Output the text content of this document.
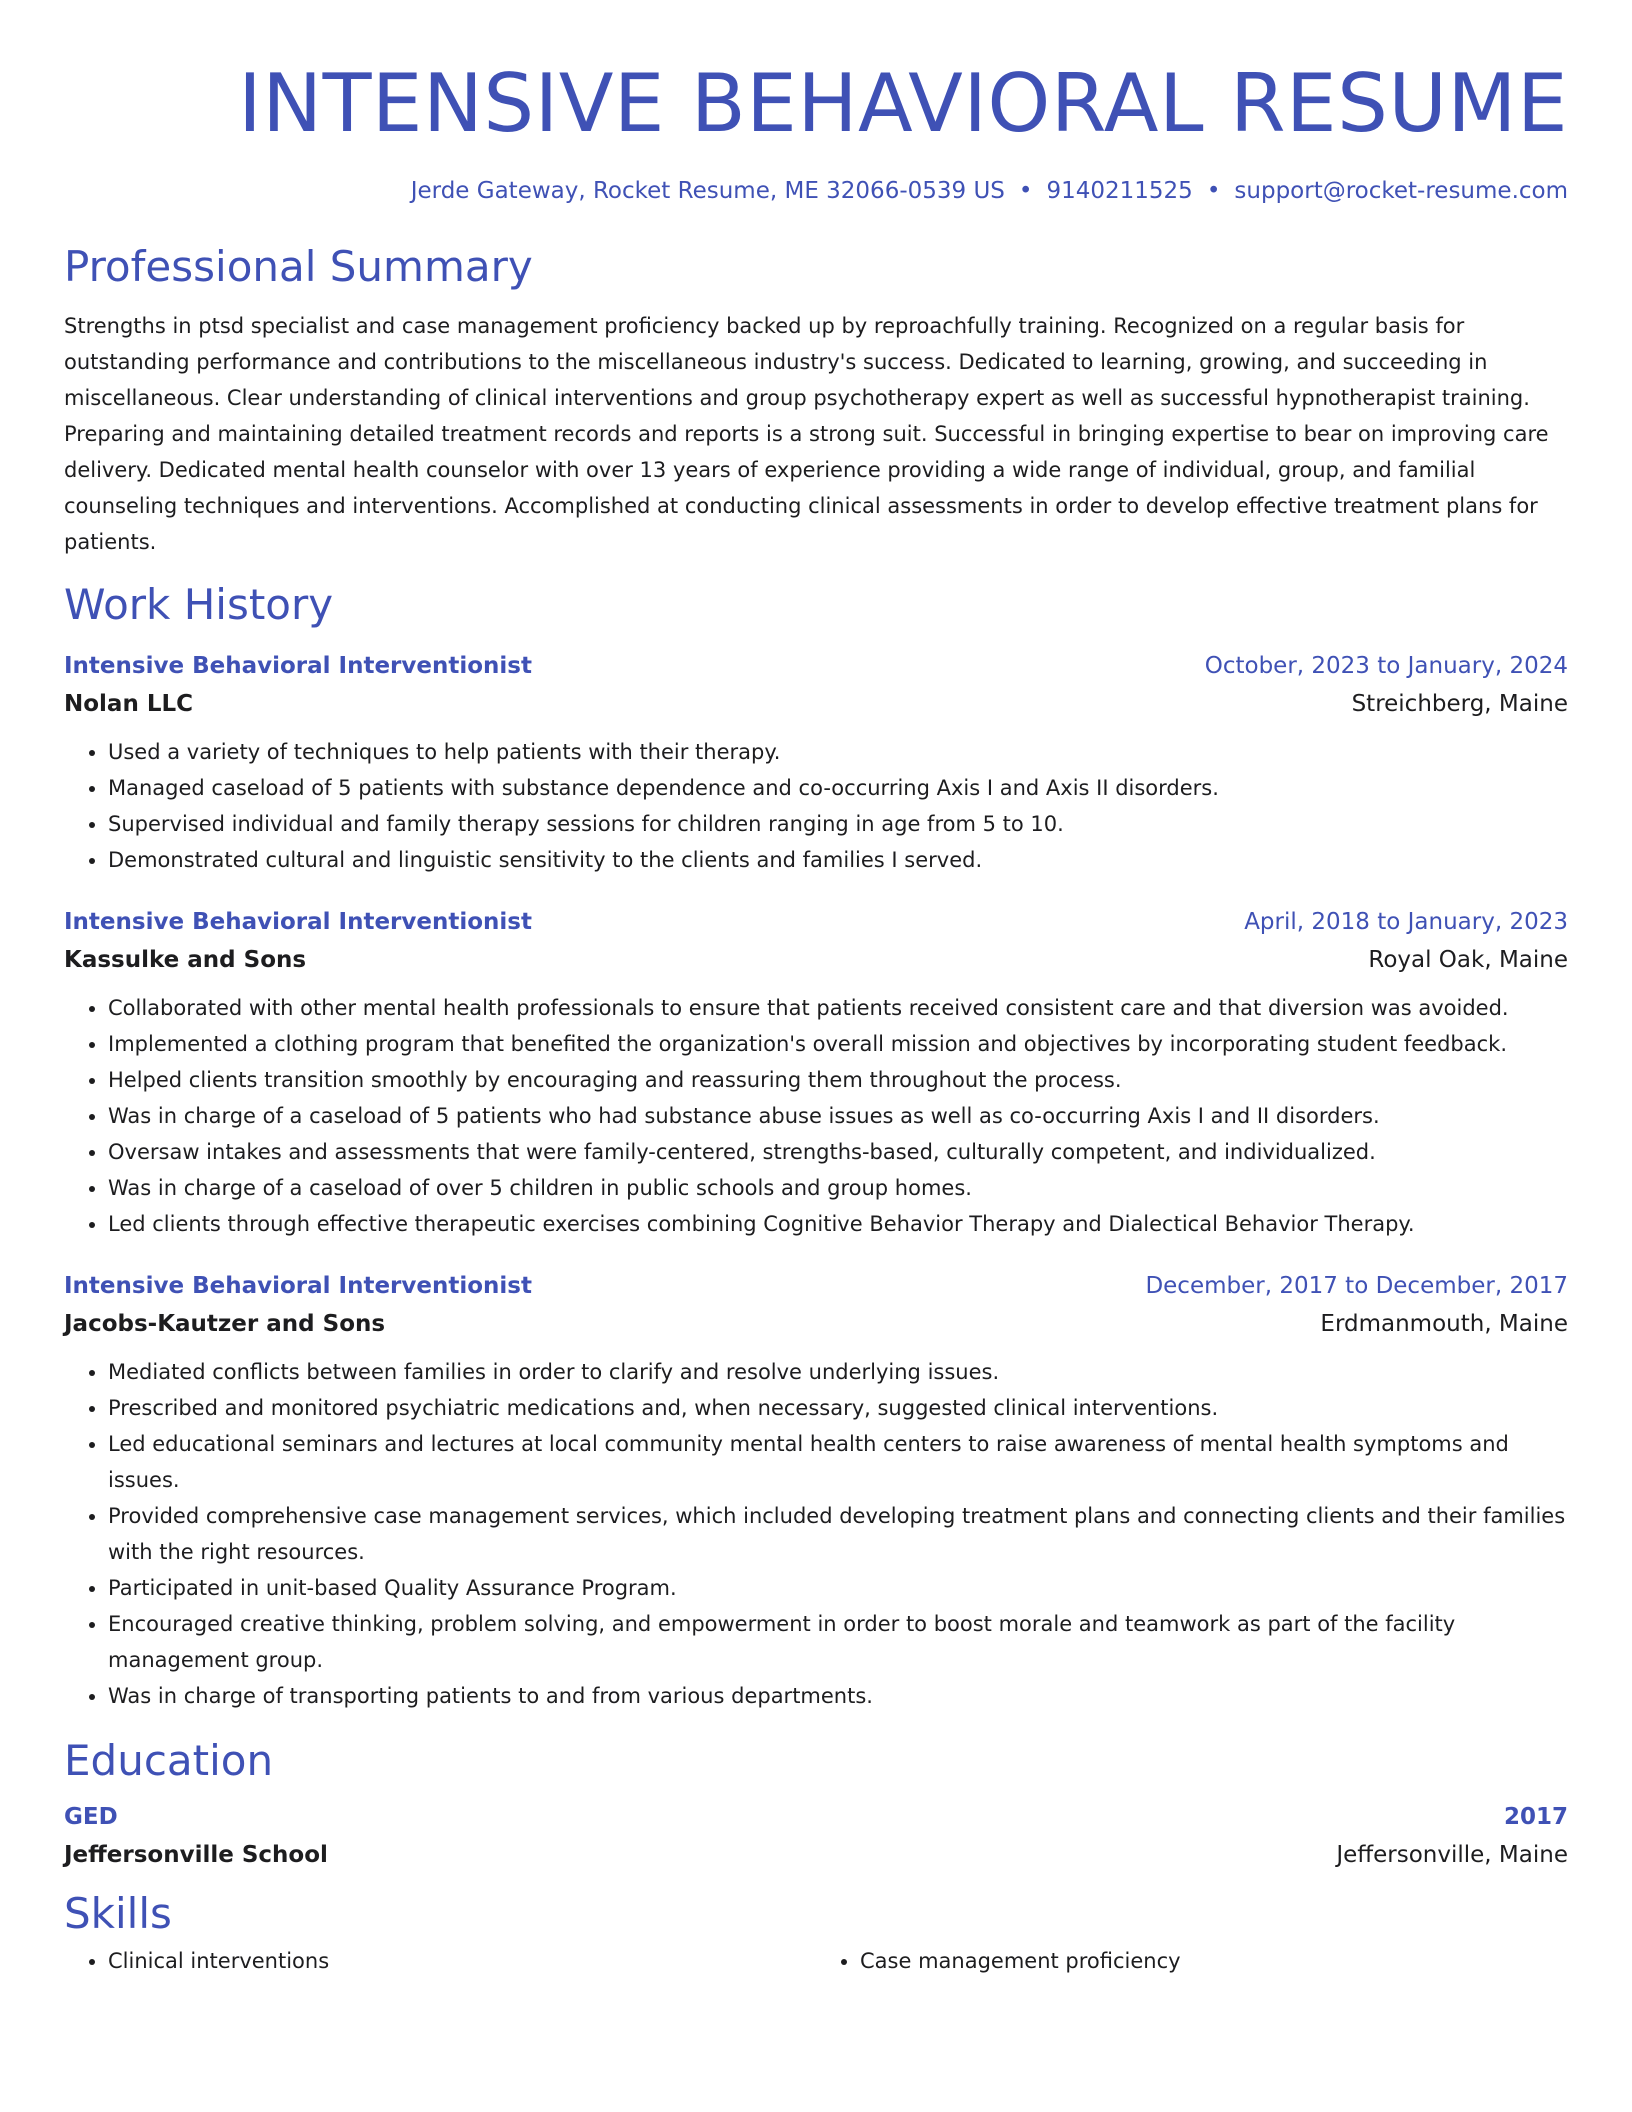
INTENSIVE BEHAVIORAL RESUME
Jerde Gateway, Rocket Resume, ME 32066-0539 US • 9140211525 • support@rocket-resume.com
Professional Summary
Strengths in ptsd specialist and case management proficiency backed up by reproachfully training. Recognized on a regular basis for outstanding performance and contributions to the miscellaneous industry's success. Dedicated to learning, growing, and succeeding in miscellaneous. Clear understanding of clinical interventions and group psychotherapy expert as well as successful hypnotherapist training. Preparing and maintaining detailed treatment records and reports is a strong suit. Successful in bringing expertise to bear on improving care delivery. Dedicated mental health counselor with over 13 years of experience providing a wide range of individual, group, and familial counseling techniques and interventions. Accomplished at conducting clinical assessments in order to develop effective treatment plans for patients.
Work History
Intensive Behavioral Interventionist	October, 2023 to January, 2024
Nolan LLC	Streichberg, Maine
• Used a variety of techniques to help patients with their therapy.
• Managed caseload of 5 patients with substance dependence and co-occurring Axis I and Axis II disorders.
• Supervised individual and family therapy sessions for children ranging in age from 5 to 10.
• Demonstrated cultural and linguistic sensitivity to the clients and families I served.
Intensive Behavioral Interventionist	April, 2018 to January, 2023
Kassulke and Sons	Royal Oak, Maine
• Collaborated with other mental health professionals to ensure that patients received consistent care and that diversion was avoided.
• Implemented a clothing program that benefited the organization's overall mission and objectives by incorporating student feedback.
• Helped clients transition smoothly by encouraging and reassuring them throughout the process.
• Was in charge of a caseload of 5 patients who had substance abuse issues as well as co-occurring Axis I and II disorders.
• Oversaw intakes and assessments that were family-centered, strengths-based, culturally competent, and individualized.
• Was in charge of a caseload of over 5 children in public schools and group homes.
• Led clients through effective therapeutic exercises combining Cognitive Behavior Therapy and Dialectical Behavior Therapy.
Intensive Behavioral Interventionist	December, 2017 to December, 2017
Jacobs-Kautzer and Sons	Erdmanmouth, Maine
• Mediated conflicts between families in order to clarify and resolve underlying issues.
• Prescribed and monitored psychiatric medications and, when necessary, suggested clinical interventions.
• Led educational seminars and lectures at local community mental health centers to raise awareness of mental health symptoms and issues.
• Provided comprehensive case management services, which included developing treatment plans and connecting clients and their families with the right resources.
• Participated in unit-based Quality Assurance Program.
• Encouraged creative thinking, problem solving, and empowerment in order to boost morale and teamwork as part of the facility management group.
• Was in charge of transporting patients to and from various departments.
Education
GED	2017
Jeffersonville School	Jeffersonville, Maine
Skills
• Clinical interventions
•	Case management proficiency
